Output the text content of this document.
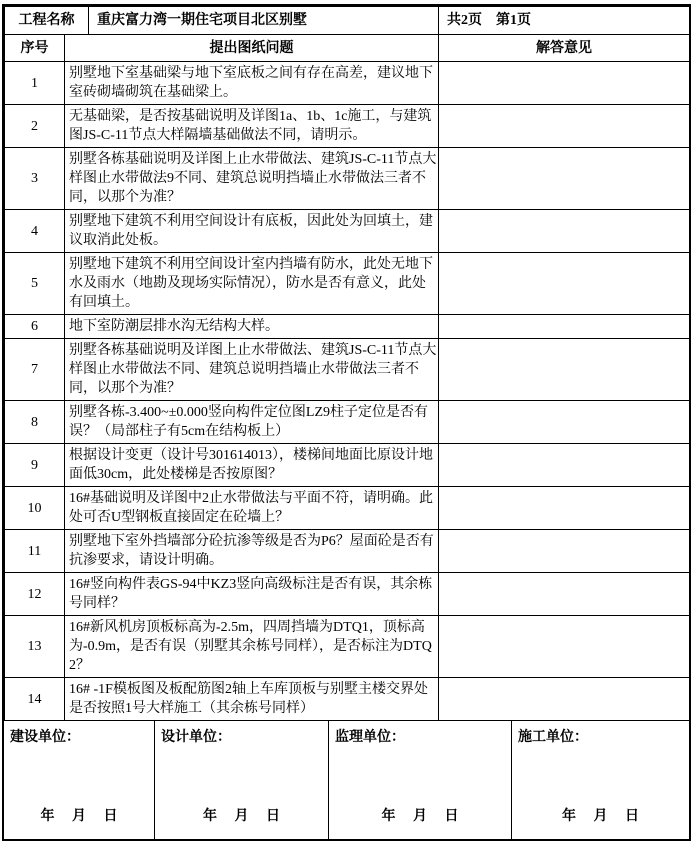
工程名称		重庆富力湾一期住宅项目北区别墅	共2页　第1页
序号	提出图纸问题		解答意见
1	别墅地下室基础梁与地下室底板之间有存在高差，建议地下室砖砌墙砌筑在基础梁上。		
2	无基础梁，是否按基础说明及详图1a、1b、1c施工，与建筑图JS-C-11节点大样隔墙基础做法不同，请明示。		
3	别墅各栋基础说明及详图上止水带做法、建筑JS-C-11节点大样图止水带做法9不同、建筑总说明挡墙止水带做法三者不同，以那个为准？		
4	别墅地下建筑不利用空间设计有底板，因此处为回填土，建议取消此处板。		
5	别墅地下建筑不利用空间设计室内挡墙有防水，此处无地下水及雨水（地勘及现场实际情况），防水是否有意义，此处有回填土。		
6	地下室防潮层排水沟无结构大样。		
7	别墅各栋基础说明及详图上止水带做法、建筑JS-C-11节点大样图止水带做法不同、建筑总说明挡墙止水带做法三者不同，以那个为准？		
8	别墅各栋-3.400~±0.000竖向构件定位图LZ9柱子定位是否有误？（局部柱子有5cm在结构板上）		
9	根据设计变更（设计号301614013），楼梯间地面比原设计地面低30cm，此处楼梯是否按原图？		
10	16#基础说明及详图中2止水带做法与平面不符，请明确。此处可否U型钢板直接固定在砼墙上？		
11	别墅地下室外挡墙部分砼抗渗等级是否为P6？屋面砼是否有抗渗要求，请设计明确。		
12	16#竖向构件表GS-94中KZ3竖向高级标注是否有误，其余栋号同样？		
13	16#新风机房顶板标高为-2.5m，四周挡墙为DTQ1，顶标高为-0.9m，是否有误（别墅其余栋号同样），是否标注为DTQ2？		
14	16# -1F模板图及板配筋图2轴上车库顶板与别墅主楼交界处是否按照1号大样施工（其余栋号同样）		
建设单位：
年　 月　 日
设计单位：
年　 月　 日
监理单位：
年　 月　 日
施工单位：
年　 月　 日
